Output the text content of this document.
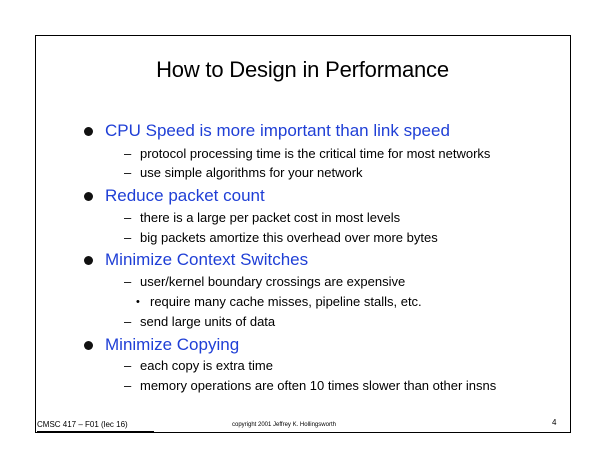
How to Design in Performance
CPU Speed is more important than link speed
– protocol processing time is the critical time for most networks
– use simple algorithms for your network
Reduce packet count
– there is a large per packet cost in most levels
– big packets amortize this overhead over more bytes
Minimize Context Switches
– user/kernel boundary crossings are expensive
• require many cache misses, pipeline stalls, etc.
– send large units of data
Minimize Copying
– each copy is extra time
– memory operations are often 10 times slower than other insns
CMSC 417 – F01 (lec 16)	copyright 2001 Jeffrey K. Hollingsworth	4
